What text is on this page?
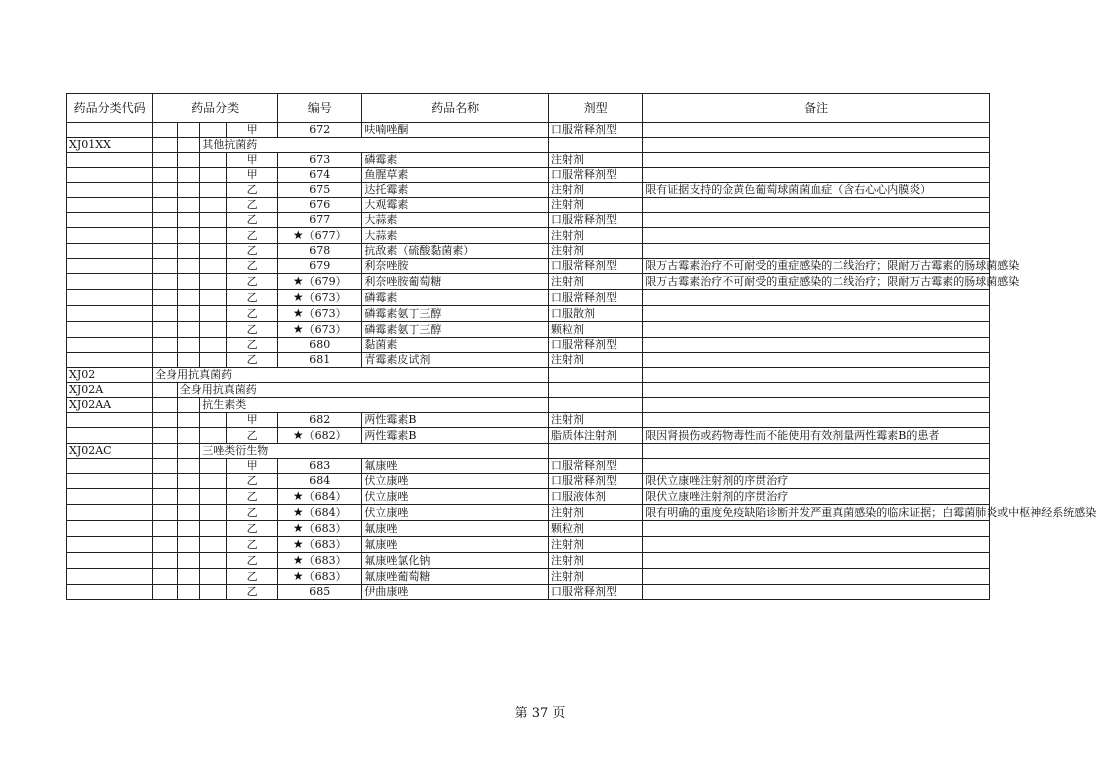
药品分类代码	药品分类				编号	药品名称	剂型	备注
				甲	672	呋喃唑酮	口服常释剂型	
XJ01XX			其他抗菌药					
				甲	673	磷霉素	注射剂	
				甲	674	鱼腥草素	口服常释剂型	
				乙	675	达托霉素	注射剂	限有证据支持的金黄色葡萄球菌菌血症（含右心心内膜炎）
				乙	676	大观霉素	注射剂	
				乙	677	大蒜素	口服常释剂型	
				乙	★（677）	大蒜素	注射剂	
				乙	678	抗敌素（硫酸黏菌素）	注射剂	
				乙	679	利奈唑胺	口服常释剂型	限万古霉素治疗不可耐受的重症感染的二线治疗；限耐万古霉素的肠球菌感染
				乙	★（679）	利奈唑胺葡萄糖	注射剂	限万古霉素治疗不可耐受的重症感染的二线治疗；限耐万古霉素的肠球菌感染
				乙	★（673）	磷霉素	口服常释剂型	
				乙	★（673）	磷霉素氨丁三醇	口服散剂	
				乙	★（673）	磷霉素氨丁三醇	颗粒剂	
				乙	680	黏菌素	口服常释剂型	
				乙	681	青霉素皮试剂	注射剂	
XJ02	全身用抗真菌药							
XJ02A		全身用抗真菌药						
XJ02AA			抗生素类					
				甲	682	两性霉素B	注射剂	
				乙	★（682）	两性霉素B	脂质体注射剂	限因肾损伤或药物毒性而不能使用有效剂量两性霉素B的患者
XJ02AC			三唑类衍生物					
				甲	683	氟康唑	口服常释剂型	
				乙	684	伏立康唑	口服常释剂型	限伏立康唑注射剂的序贯治疗
				乙	★（684）	伏立康唑	口服液体剂	限伏立康唑注射剂的序贯治疗
				乙	★（684）	伏立康唑	注射剂	限有明确的重度免疫缺陷诊断并发严重真菌感染的临床证据；白霉菌肺炎或中枢神经系统感染
				乙	★（683）	氟康唑	颗粒剂	
				乙	★（683）	氟康唑	注射剂	
				乙	★（683）	氟康唑氯化钠	注射剂	
				乙	★（683）	氟康唑葡萄糖	注射剂	
				乙	685	伊曲康唑	口服常释剂型	
第 37 页
